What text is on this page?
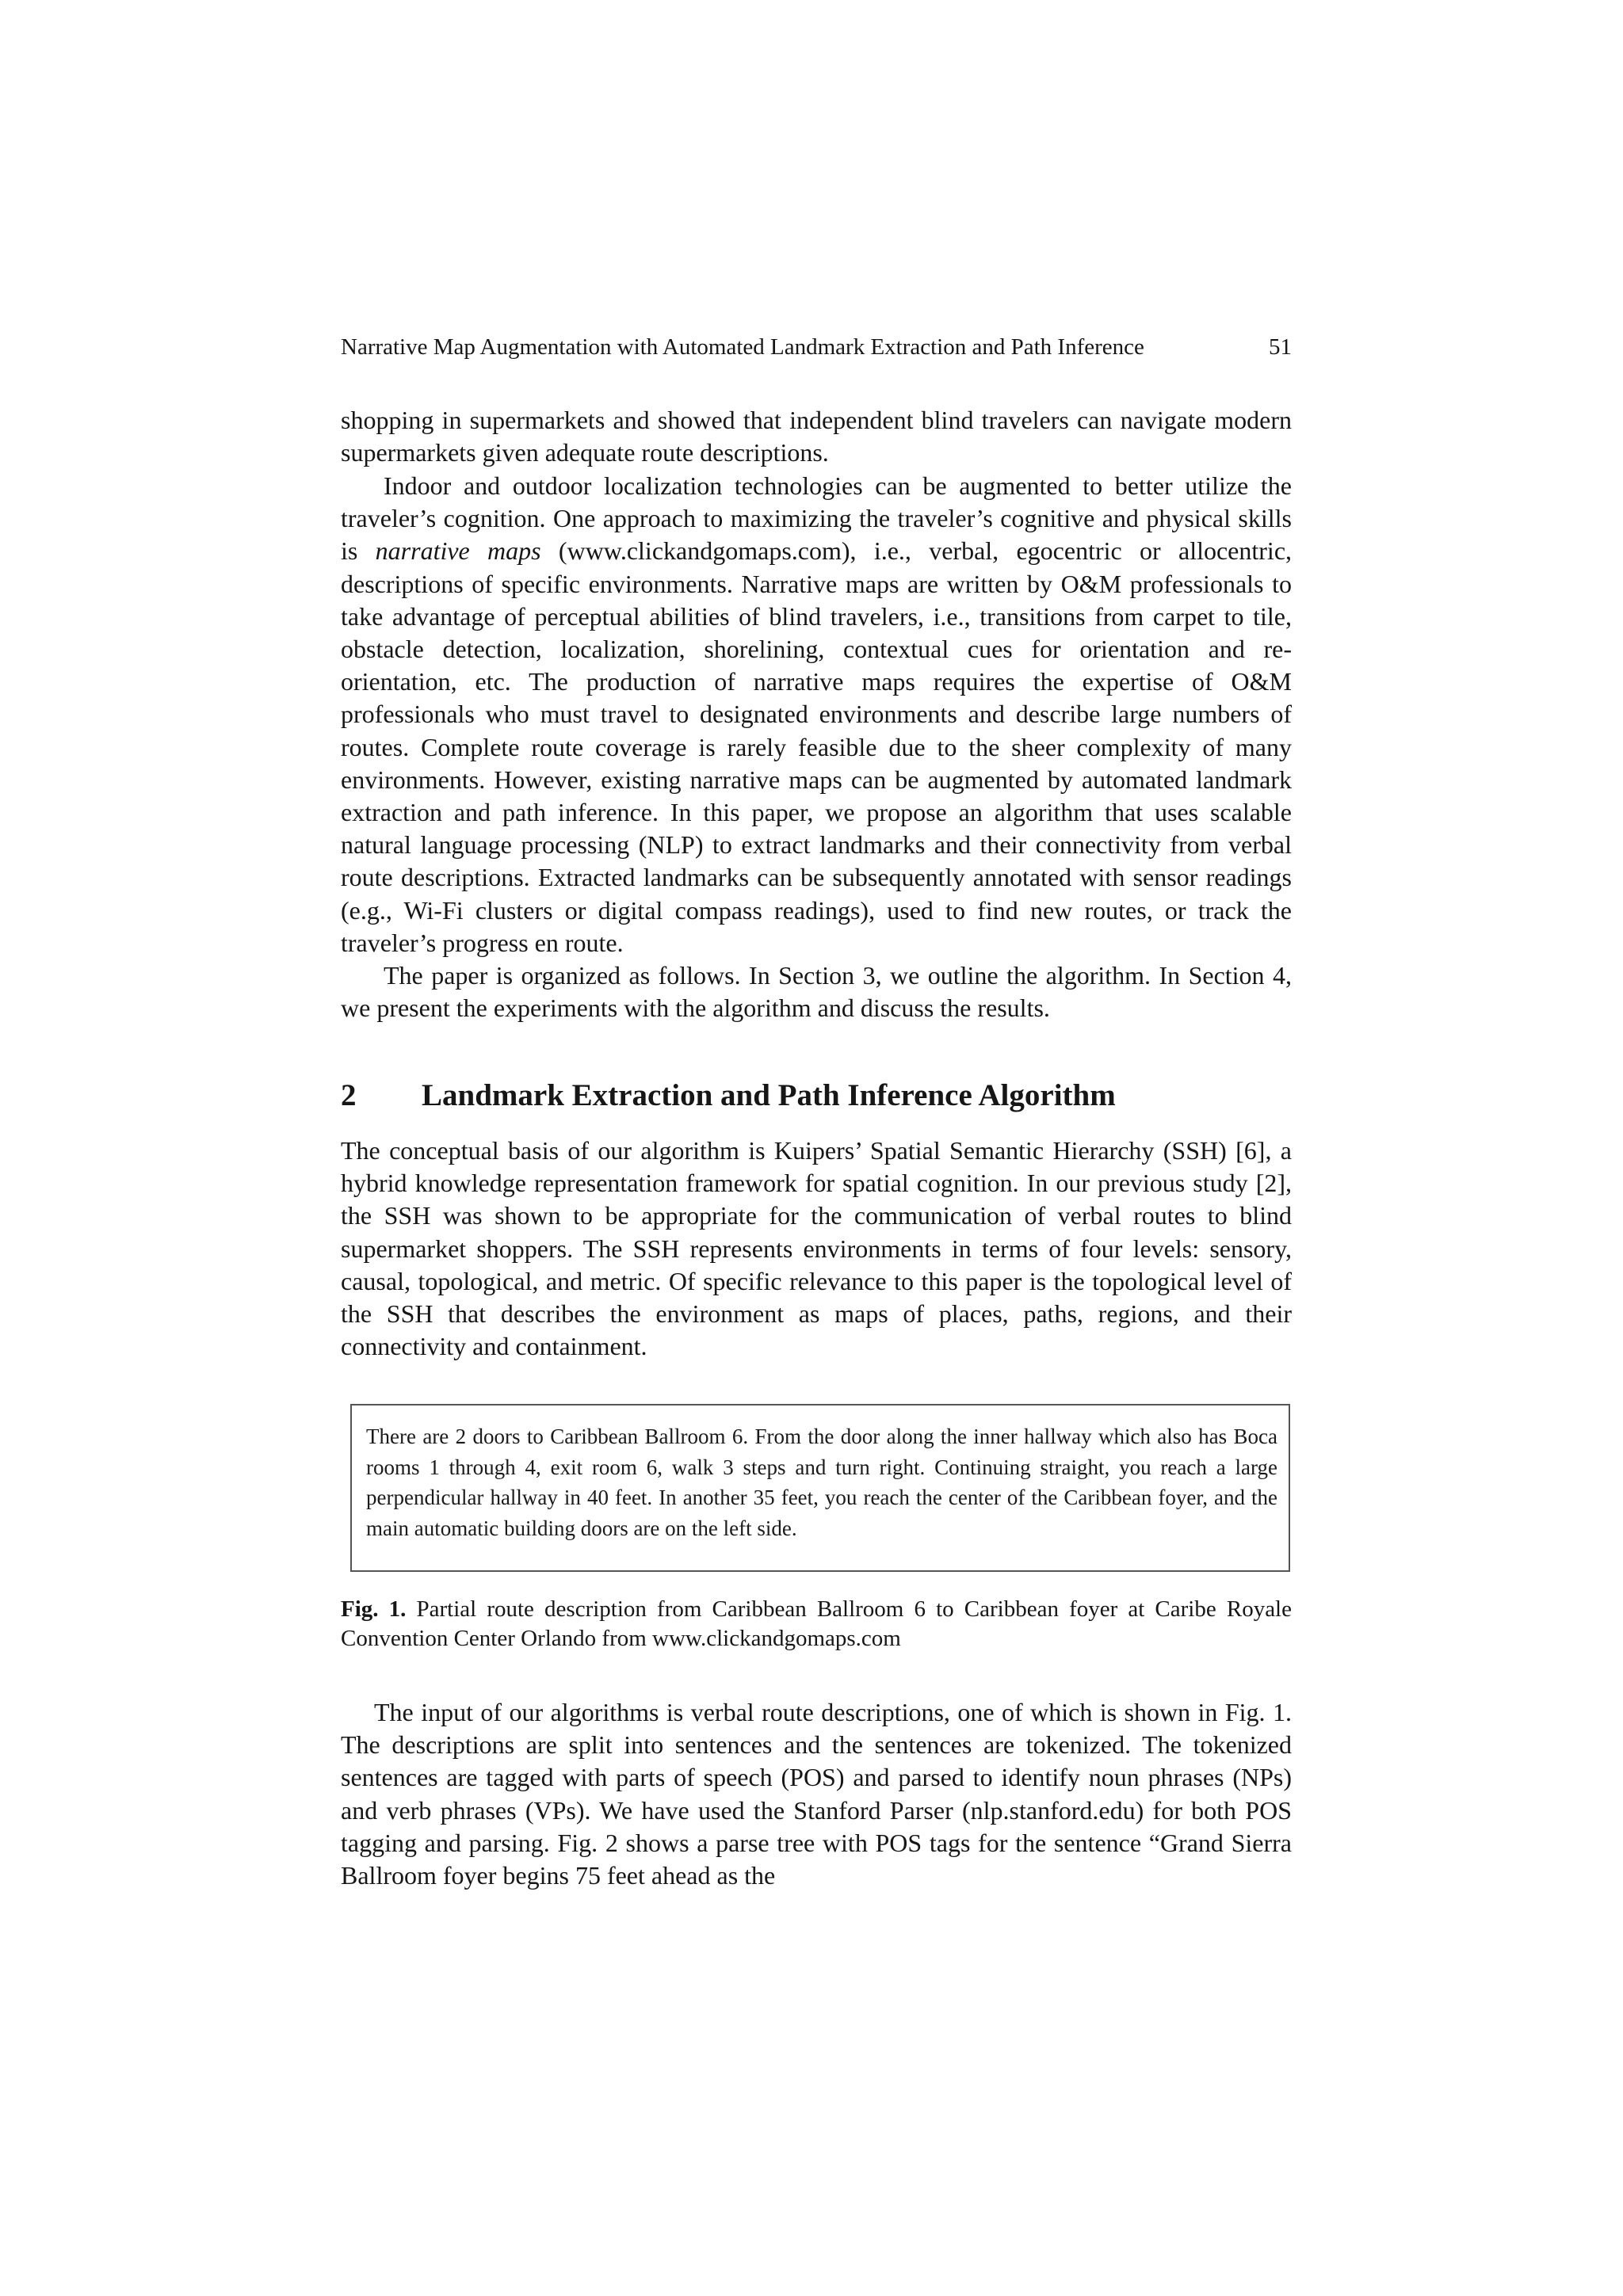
Narrative Map Augmentation with Automated Landmark Extraction and Path Inference	51

shopping in supermarkets and showed that independent blind travelers can navigate modern supermarkets given adequate route descriptions.

Indoor and outdoor localization technologies can be augmented to better utilize the traveler’s cognition. One approach to maximizing the traveler’s cognitive and physical skills is narrative maps (www.clickandgomaps.com), i.e., verbal, egocentric or allocentric, descriptions of specific environments. Narrative maps are written by O&M professionals to take advantage of perceptual abilities of blind travelers, i.e., transitions from carpet to tile, obstacle detection, localization, shorelining, contextual cues for orientation and re-orientation, etc. The production of narrative maps requires the expertise of O&M professionals who must travel to designated environments and describe large numbers of routes. Complete route coverage is rarely feasible due to the sheer complexity of many environments. However, existing narrative maps can be augmented by automated landmark extraction and path inference. In this paper, we propose an algorithm that uses scalable natural language processing (NLP) to extract landmarks and their connectivity from verbal route descriptions. Extracted landmarks can be subsequently annotated with sensor readings (e.g., Wi-Fi clusters or digital compass readings), used to find new routes, or track the traveler’s progress en route.

The paper is organized as follows. In Section 3, we outline the algorithm. In Section 4, we present the experiments with the algorithm and discuss the results.

2 Landmark Extraction and Path Inference Algorithm

The conceptual basis of our algorithm is Kuipers’ Spatial Semantic Hierarchy (SSH) [6], a hybrid knowledge representation framework for spatial cognition. In our previous study [2], the SSH was shown to be appropriate for the communication of verbal routes to blind supermarket shoppers. The SSH represents environments in terms of four levels: sensory, causal, topological, and metric. Of specific relevance to this paper is the topological level of the SSH that describes the environment as maps of places, paths, regions, and their connectivity and containment.

There are 2 doors to Caribbean Ballroom 6. From the door along the inner hallway which also has Boca rooms 1 through 4, exit room 6, walk 3 steps and turn right. Continuing straight, you reach a large perpendicular hallway in 40 feet. In another 35 feet, you reach the center of the Caribbean foyer, and the main automatic building doors are on the left side.

Fig. 1. Partial route description from Caribbean Ballroom 6 to Caribbean foyer at Caribe Royale Convention Center Orlando from www.clickandgomaps.com

The input of our algorithms is verbal route descriptions, one of which is shown in Fig. 1. The descriptions are split into sentences and the sentences are tokenized. The tokenized sentences are tagged with parts of speech (POS) and parsed to identify noun phrases (NPs) and verb phrases (VPs). We have used the Stanford Parser (nlp.stanford.edu) for both POS tagging and parsing. Fig. 2 shows a parse tree with POS tags for the sentence “Grand Sierra Ballroom foyer begins 75 feet ahead as the
